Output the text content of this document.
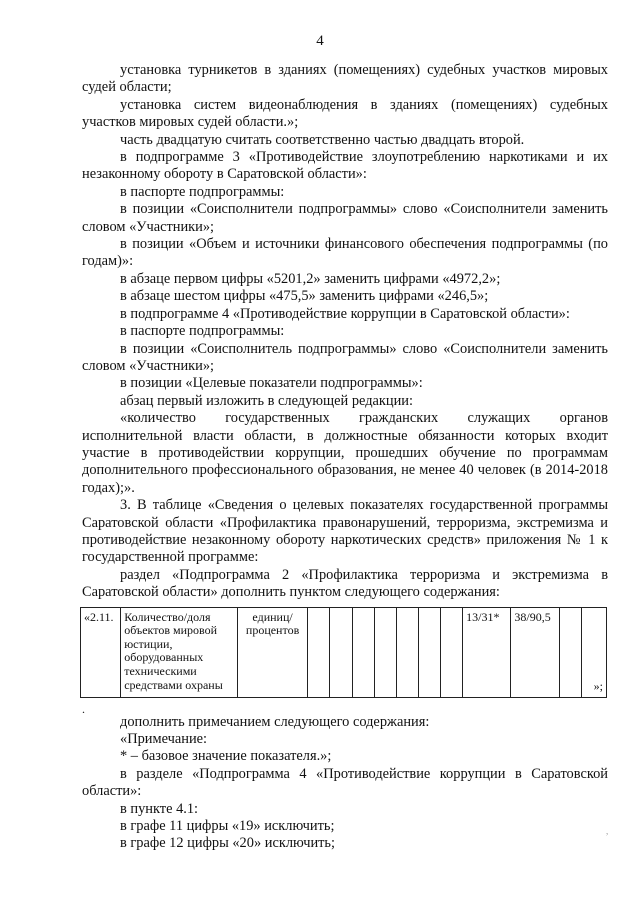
4

установка турникетов в зданиях (помещениях) судебных участков мировых судей области;

установка систем видеонаблюдения в зданиях (помещениях) судебных участков мировых судей области.»;

часть двадцатую считать соответственно частью двадцать второй.

в подпрограмме 3 «Противодействие злоупотреблению наркотиками и их незаконному обороту в Саратовской области»:

в паспорте подпрограммы:

в позиции «Соисполнители подпрограммы» слово «Соисполнители заменить словом «Участники»;

в позиции «Объем и источники финансового обеспечения подпрограммы (по годам)»:

в абзаце первом цифры «5201,2» заменить цифрами «4972,2»;

в абзаце шестом цифры «475,5» заменить цифрами «246,5»;

в подпрограмме 4 «Противодействие коррупции в Саратовской области»:

в паспорте подпрограммы:

в позиции «Соисполнитель подпрограммы» слово «Соисполнители заменить словом «Участники»;

в позиции «Целевые показатели подпрограммы»:

абзац первый изложить в следующей редакции:

«количество государственных гражданских служащих органов исполнительной власти области, в должностные обязанности которых входит участие в противодействии коррупции, прошедших обучение по программам дополнительного профессионального образования, не менее 40 человек (в 2014-2018 годах);».

3. В таблице «Сведения о целевых показателях государственной программы Саратовской области «Профилактика правонарушений, терроризма, экстремизма и противодействие незаконному обороту наркотических средств» приложения № 1 к государственной программе:

раздел «Подпрограмма 2 «Профилактика терроризма и экстремизма в Саратовской области» дополнить пунктом следующего содержания:

«2.11.	Количество/доля объектов мировой юстиции, оборудованных техническими средствами охраны	единиц/ процентов								13/31*	38/90,5		»;
.

дополнить примечанием следующего содержания:

«Примечание:

* – базовое значение показателя.»;

в разделе «Подпрограмма 4 «Противодействие коррупции в Саратовской области»:

в пункте 4.1:

в графе 11 цифры «19» исключить;

в графе 12 цифры «20» исключить;

,
